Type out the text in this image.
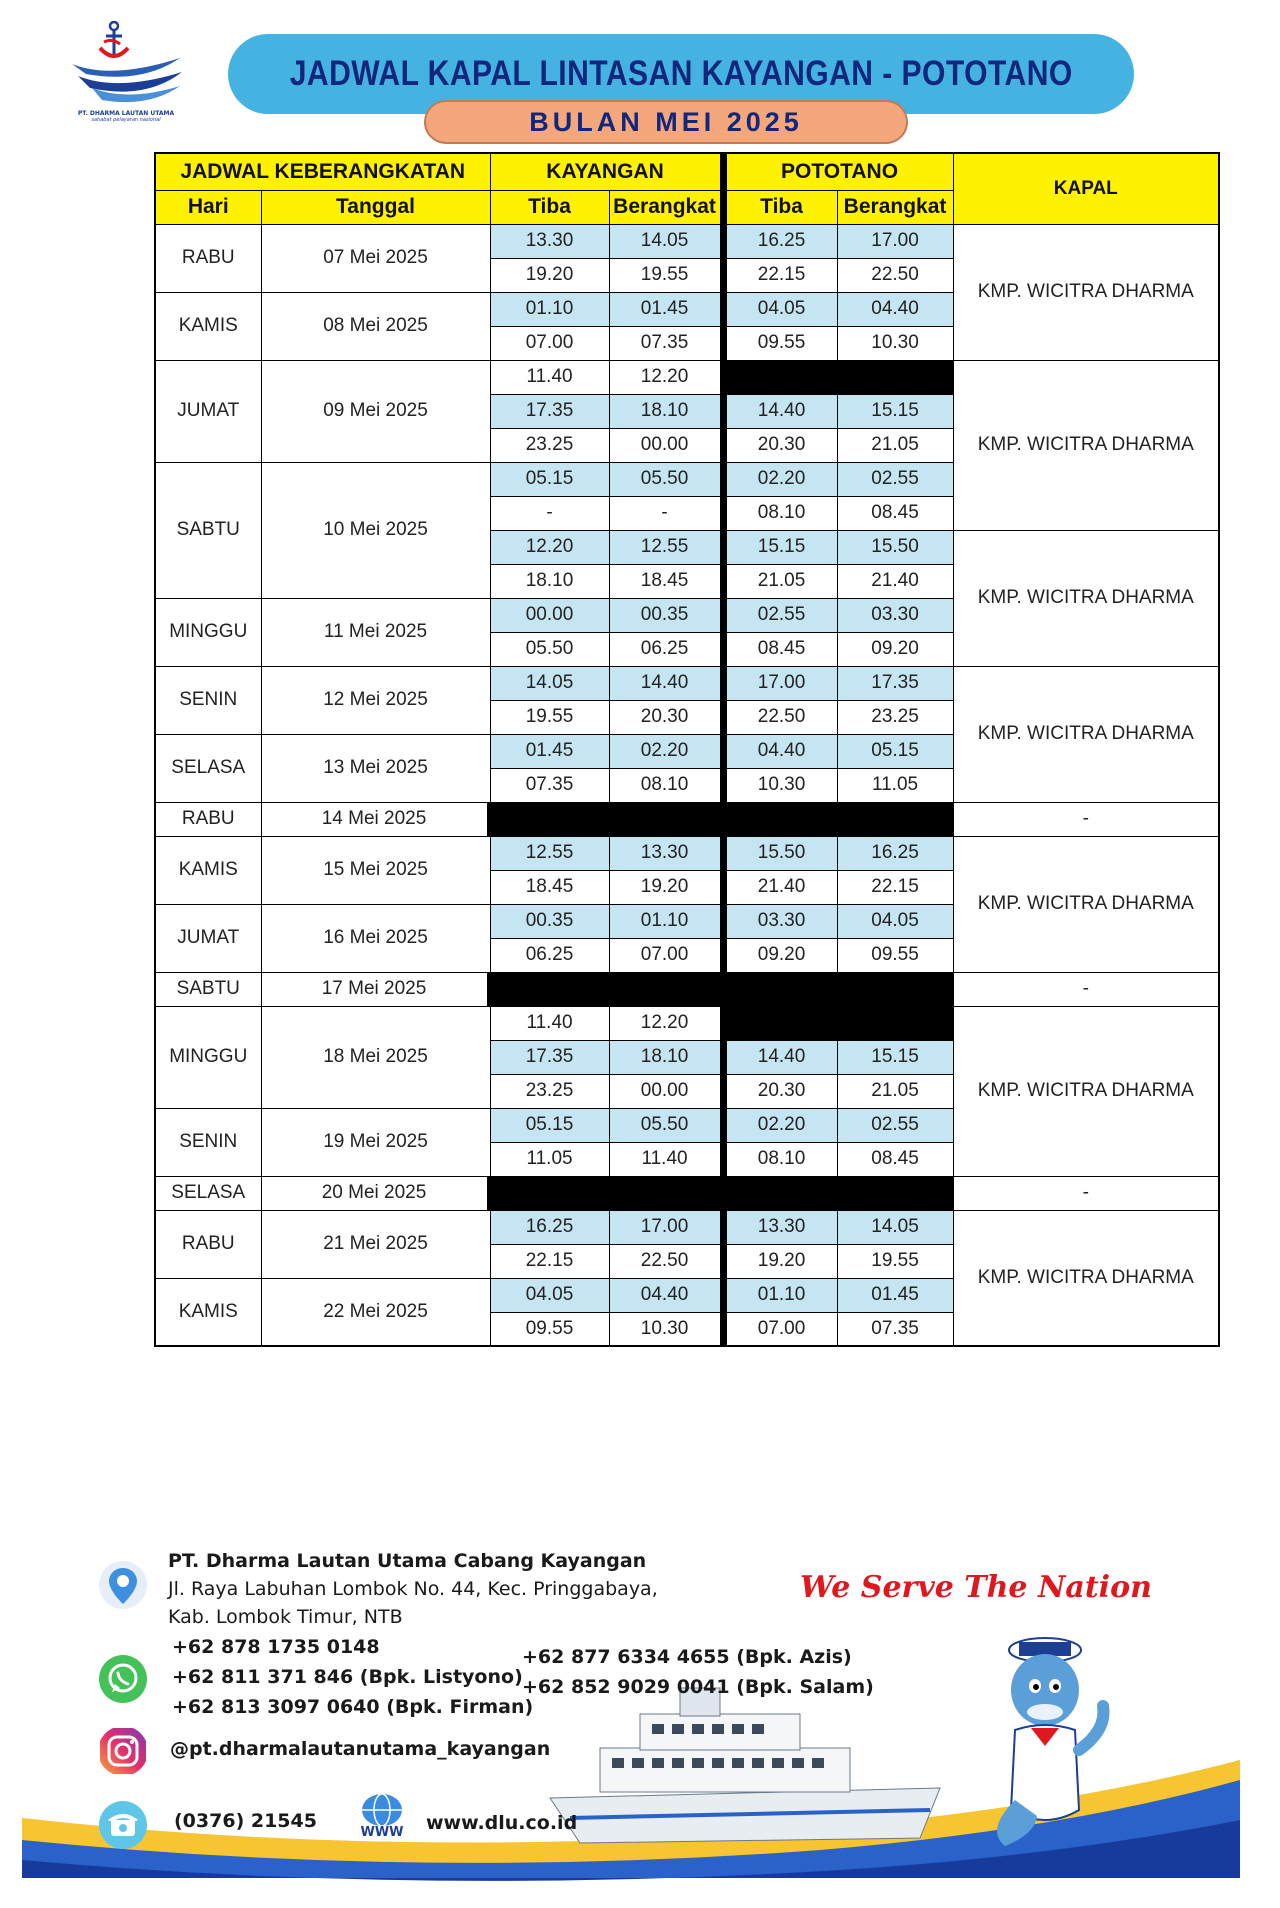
PT. DHARMA LAUTAN UTAMA
sahabat pelayaran nasional
JADWAL KAPAL LINTASAN KAYANGAN - POTOTANO
BULAN MEI 2025
JADWAL KEBERANGKATAN		KAYANGAN		POTOTANO		KAPAL
Hari	Tanggal	Tiba	Berangkat	Tiba	Berangkat	
RABU	07 Mei 2025	13.30	14.05	16.25	17.00	KMP. WICITRA DHARMA
		19.20	19.55	22.15	22.50	
KAMIS	08 Mei 2025	01.10	01.45	04.05	04.40	
		07.00	07.35	09.55	10.30	
JUMAT	09 Mei 2025	11.40	12.20			KMP. WICITRA DHARMA
		17.35	18.10	14.40	15.15	
		23.25	00.00	20.30	21.05	
SABTU	10 Mei 2025	05.15	05.50	02.20	02.55	
		-	-	08.10	08.45	
		12.20	12.55	15.15	15.50	KMP. WICITRA DHARMA
		18.10	18.45	21.05	21.40	
MINGGU	11 Mei 2025	00.00	00.35	02.55	03.30	
		05.50	06.25	08.45	09.20	
SENIN	12 Mei 2025	14.05	14.40	17.00	17.35	KMP. WICITRA DHARMA
		19.55	20.30	22.50	23.25	
SELASA	13 Mei 2025	01.45	02.20	04.40	05.15	
		07.35	08.10	10.30	11.05	
RABU	14 Mei 2025					-
KAMIS	15 Mei 2025	12.55	13.30	15.50	16.25	KMP. WICITRA DHARMA
		18.45	19.20	21.40	22.15	
JUMAT	16 Mei 2025	00.35	01.10	03.30	04.05	
		06.25	07.00	09.20	09.55	
SABTU	17 Mei 2025					-
MINGGU	18 Mei 2025	11.40	12.20			KMP. WICITRA DHARMA
		17.35	18.10	14.40	15.15	
		23.25	00.00	20.30	21.05	
SENIN	19 Mei 2025	05.15	05.50	02.20	02.55	
		11.05	11.40	08.10	08.45	
SELASA	20 Mei 2025					-
RABU	21 Mei 2025	16.25	17.00	13.30	14.05	KMP. WICITRA DHARMA
		22.15	22.50	19.20	19.55	
KAMIS	22 Mei 2025	04.05	04.40	01.10	01.45	
		09.55	10.30	07.00	07.35	
We Serve The Nation
PT. Dharma Lautan Utama Cabang Kayangan
Jl. Raya Labuhan Lombok No. 44, Kec. Pringgabaya,
Kab. Lombok Timur, NTB
+62 878 1735 0148
+62 811 371 846 (Bpk. Listyono)
+62 813 3097 0640 (Bpk. Firman)
+62 877 6334 4655 (Bpk. Azis)
+62 852 9029 0041 (Bpk. Salam)
@pt.dharmalautanutama_kayangan
(0376) 21545
WWW www.dlu.co.id
